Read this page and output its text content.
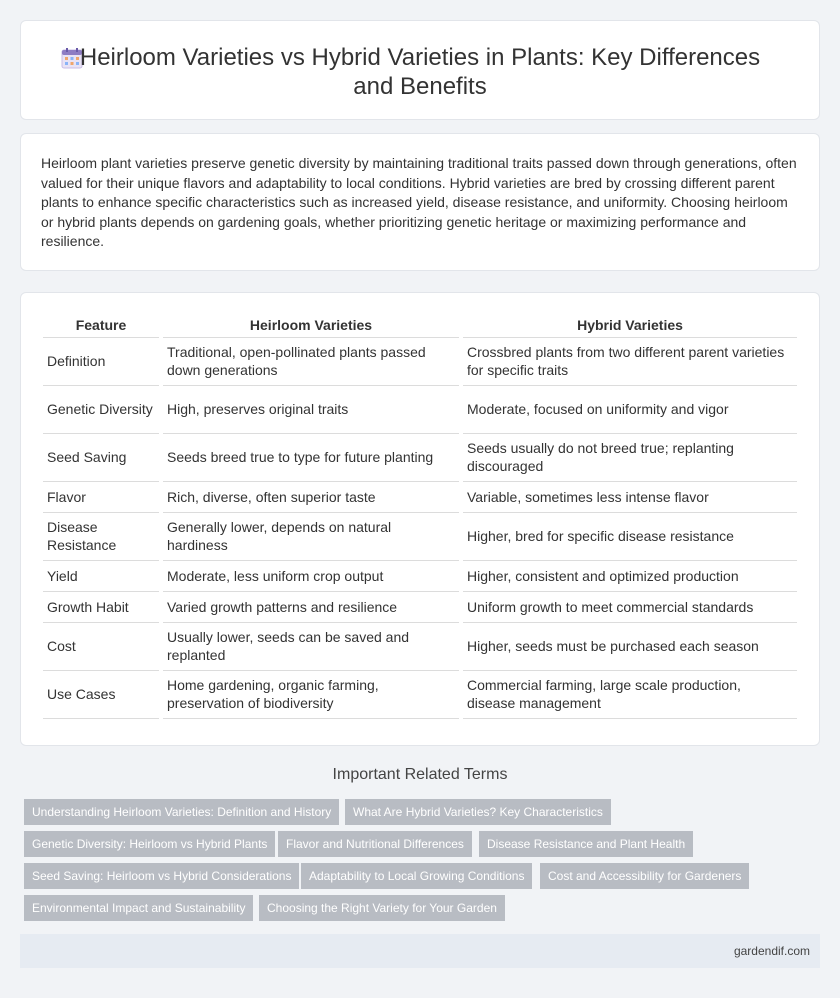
Heirloom Varieties vs Hybrid Varieties in Plants: Key Differences and Benefits

Heirloom plant varieties preserve genetic diversity by maintaining traditional traits passed down through generations, often valued for their unique flavors and adaptability to local conditions. Hybrid varieties are bred by crossing different parent plants to enhance specific characteristics such as increased yield, disease resistance, and uniformity. Choosing heirloom or hybrid plants depends on gardening goals, whether prioritizing genetic heritage or maximizing performance and resilience.

Feature	Heirloom Varieties	Hybrid Varieties
Definition	Traditional, open-pollinated plants passed down generations	Crossbred plants from two different parent varieties for specific traits
Genetic Diversity	High, preserves original traits	Moderate, focused on uniformity and vigor
Seed Saving	Seeds breed true to type for future planting	Seeds usually do not breed true; replanting discouraged
Flavor	Rich, diverse, often superior taste	Variable, sometimes less intense flavor
Disease Resistance	Generally lower, depends on natural hardiness	Higher, bred for specific disease resistance
Yield	Moderate, less uniform crop output	Higher, consistent and optimized production
Growth Habit	Varied growth patterns and resilience	Uniform growth to meet commercial standards
Cost	Usually lower, seeds can be saved and replanted	Higher, seeds must be purchased each season
Use Cases	Home gardening, organic farming, preservation of biodiversity	Commercial farming, large scale production, disease management
Important Related Terms
Understanding Heirloom Varieties: Definition and History	What Are Hybrid Varieties? Key Characteristics
Genetic Diversity: Heirloom vs Hybrid Plants	Flavor and Nutritional Differences	Disease Resistance and Plant Health
Seed Saving: Heirloom vs Hybrid Considerations	Adaptability to Local Growing Conditions	Cost and Accessibility for Gardeners
Environmental Impact and Sustainability	Choosing the Right Variety for Your Garden
gardendif.com
